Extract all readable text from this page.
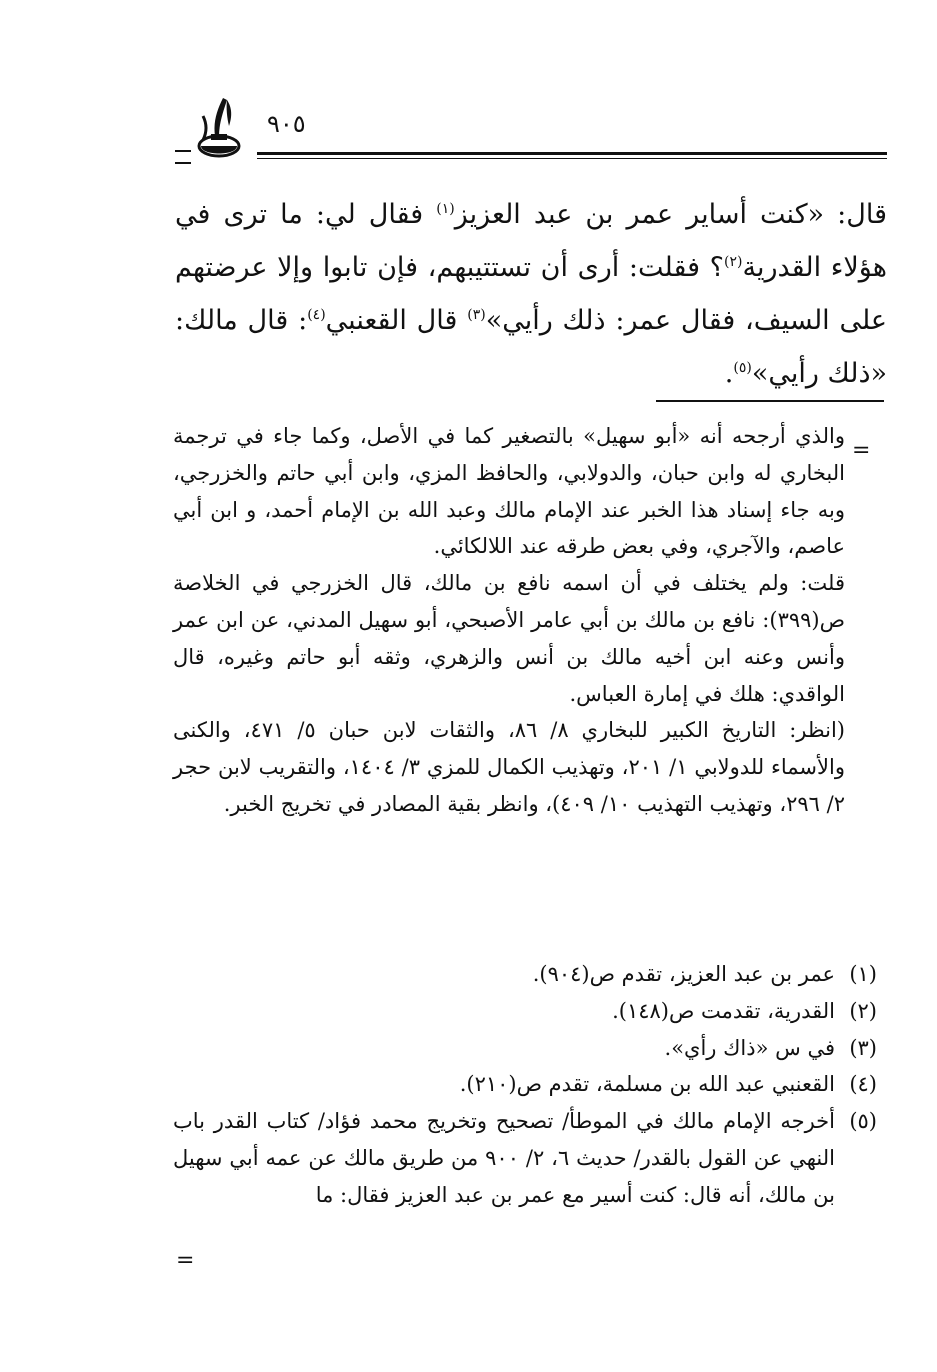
٩٠٥
قال: «كنت أساير عمر بن عبد العزيز$^{(١)}$ فقال لي: ما ترى في هؤلاء القدرية$^{(٢)}$؟ فقلت: أرى أن تستتيبهم، فإن تابوا وإلا عرضتهم على السيف، فقال عمر: ذلك رأيي»$^{(٣)}$ قال القعنبي$^{(٤)}$: قال مالك: «ذلك رأيي»$^{(٥)}$.
=

والذي أرجحه أنه «أبو سهيل» بالتصغير كما في الأصل، وكما جاء في ترجمة البخاري له وابن حبان، والدولابي، والحافظ المزي، وابن أبي حاتم والخزرجي، وبه جاء إسناد هذا الخبر عند الإمام مالك وعبد الله بن الإمام أحمد، و ابن أبي عاصم، والآجري، وفي بعض طرقه عند اللالكائي.

قلت: ولم يختلف في أن اسمه نافع بن مالك، قال الخزرجي في الخلاصة ص(٣٩٩): نافع بن مالك بن أبي عامر الأصبحي، أبو سهيل المدني، عن ابن عمر وأنس وعنه ابن أخيه مالك بن أنس والزهري، وثقه أبو حاتم وغيره، قال الواقدي: هلك في إمارة العباس.

(انظر: التاريخ الكبير للبخاري ٨/ ٨٦، والثقات لابن حبان ٥/ ٤٧١، والكنى والأسماء للدولابي ١/ ٢٠١، وتهذيب الكمال للمزي ٣/ ١٤٠٤، والتقريب لابن حجر ٢/ ٢٩٦، وتهذيب التهذيب ١٠/ ٤٠٩)، وانظر بقية المصادر في تخريج الخبر.

(١)
عمر بن عبد العزيز، تقدم ص(٩٠٤).
(٢)
القدرية، تقدمت ص(١٤٨).
(٣)
في س «ذاك رأي».
(٤)
القعنبي عبد الله بن مسلمة، تقدم ص(٢١٠).
(٥)
أخرجه الإمام مالك في الموطأ/ تصحيح وتخريج محمد فؤاد/ كتاب القدر باب النهي عن القول بالقدر/ حديث ٦، ٢/ ٩٠٠ من طريق مالك عن عمه أبي سهيل بن مالك، أنه قال: كنت أسير مع عمر بن عبد العزيز فقال: ما
=
